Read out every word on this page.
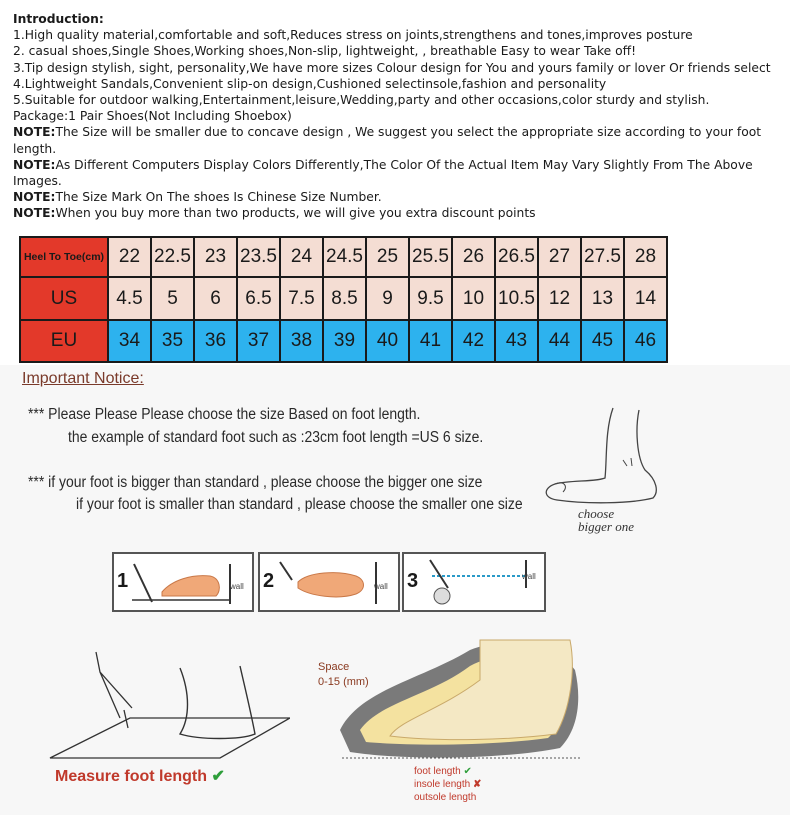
Introduction:

1.High quality material,comfortable and soft,Reduces stress on joints,strengthens and tones,improves posture

2. casual shoes,Single Shoes,Working shoes,Non-slip, lightweight, , breathable Easy to wear Take off!

3.Tip design stylish, sight, personality,We have more sizes Colour design for You and yours family or lover Or friends select

4.Lightweight Sandals,Convenient slip-on design,Cushioned selectinsole,fashion and personality

5.Suitable for outdoor walking,Entertainment,leisure,Wedding,party and other occasions,color sturdy and stylish.

Package:1 Pair Shoes(Not Including Shoebox)

NOTE:The Size will be smaller due to concave design , We suggest you select the appropriate size according to your foot length.

NOTE:As Different Computers Display Colors Differently,The Color Of the Actual Item May Vary Slightly From The Above Images.

NOTE:The Size Mark On The shoes Is Chinese Size Number.

NOTE:When you buy more than two products, we will give you extra discount points

Heel To Toe(cm)	22	22.5	23	23.5	24	24.5	25	25.5	26	26.5	27	27.5	28
US	4.5	5	6	6.5	7.5	8.5	9	9.5	10	10.5	12	13	14
EU	34	35	36	37	38	39	40	41	42	43	44	45	46
Important Notice:
*** Please Please Please choose the size Based on foot length.
the example of standard foot such as :23cm foot length =US 6 size.
*** if your foot is bigger than standard , please choose the bigger one size
if your foot is smaller than standard , please choose the smaller one size
choose
bigger one
1	wall 2	wall 3	wall
Measure foot length ✔
Space
0-15 (mm)
foot length ✔
insole length ✘
outsole length
